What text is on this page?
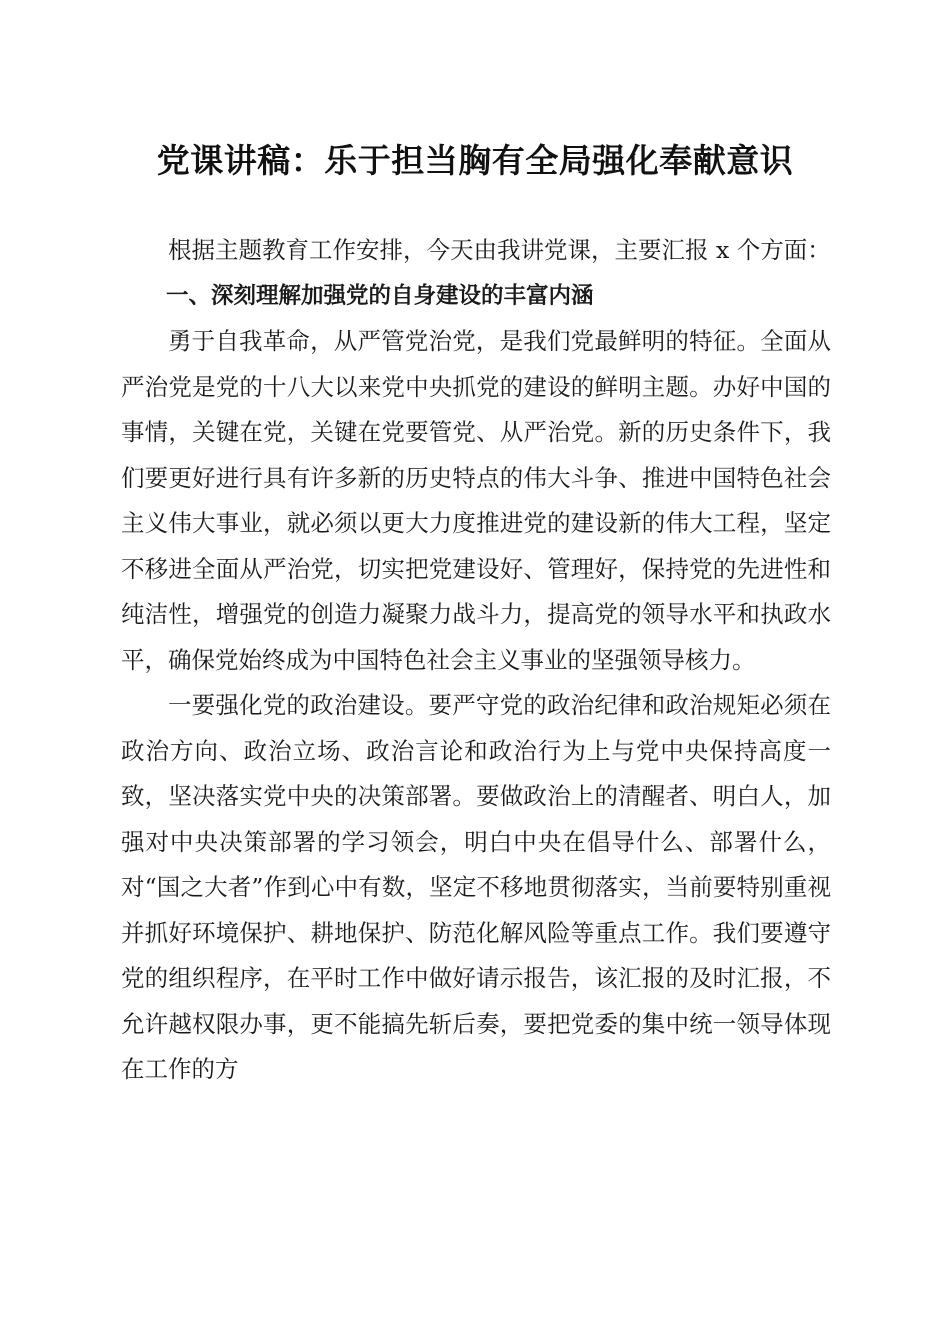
党课讲稿：乐于担当胸有全局强化奉献意识

根据主题教育工作安排，今天由我讲党课，主要汇报 x 个方面：

一、深刻理解加强党的自身建设的丰富内涵

勇于自我革命，从严管党治党，是我们党最鲜明的特征。全面从严治党是党的十八大以来党中央抓党的建设的鲜明主题。办好中国的事情，关键在党，关键在党要管党、从严治党。新的历史条件下，我们要更好进行具有许多新的历史特点的伟大斗争、推进中国特色社会主义伟大事业，就必须以更大力度推进党的建设新的伟大工程，坚定不移进全面从严治党，切实把党建设好、管理好，保持党的先进性和纯洁性，增强党的创造力凝聚力战斗力，提高党的领导水平和执政水平，确保党始终成为中国特色社会主义事业的坚强领导核力。

一要强化党的政治建设。要严守党的政治纪律和政治规矩必须在政治方向、政治立场、政治言论和政治行为上与党中央保持高度一致，坚决落实党中央的决策部署。要做政治上的清醒者、明白人，加强对中央决策部署的学习领会，明白中央在倡导什么、部署什么，对“国之大者”作到心中有数，坚定不移地贯彻落实，当前要特别重视并抓好环境保护、耕地保护、防范化解风险等重点工作。我们要遵守党的组织程序，在平时工作中做好请示报告，该汇报的及时汇报，不允许越权限办事，更不能搞先斩后奏，要把党委的集中统一领导体现在工作的方
